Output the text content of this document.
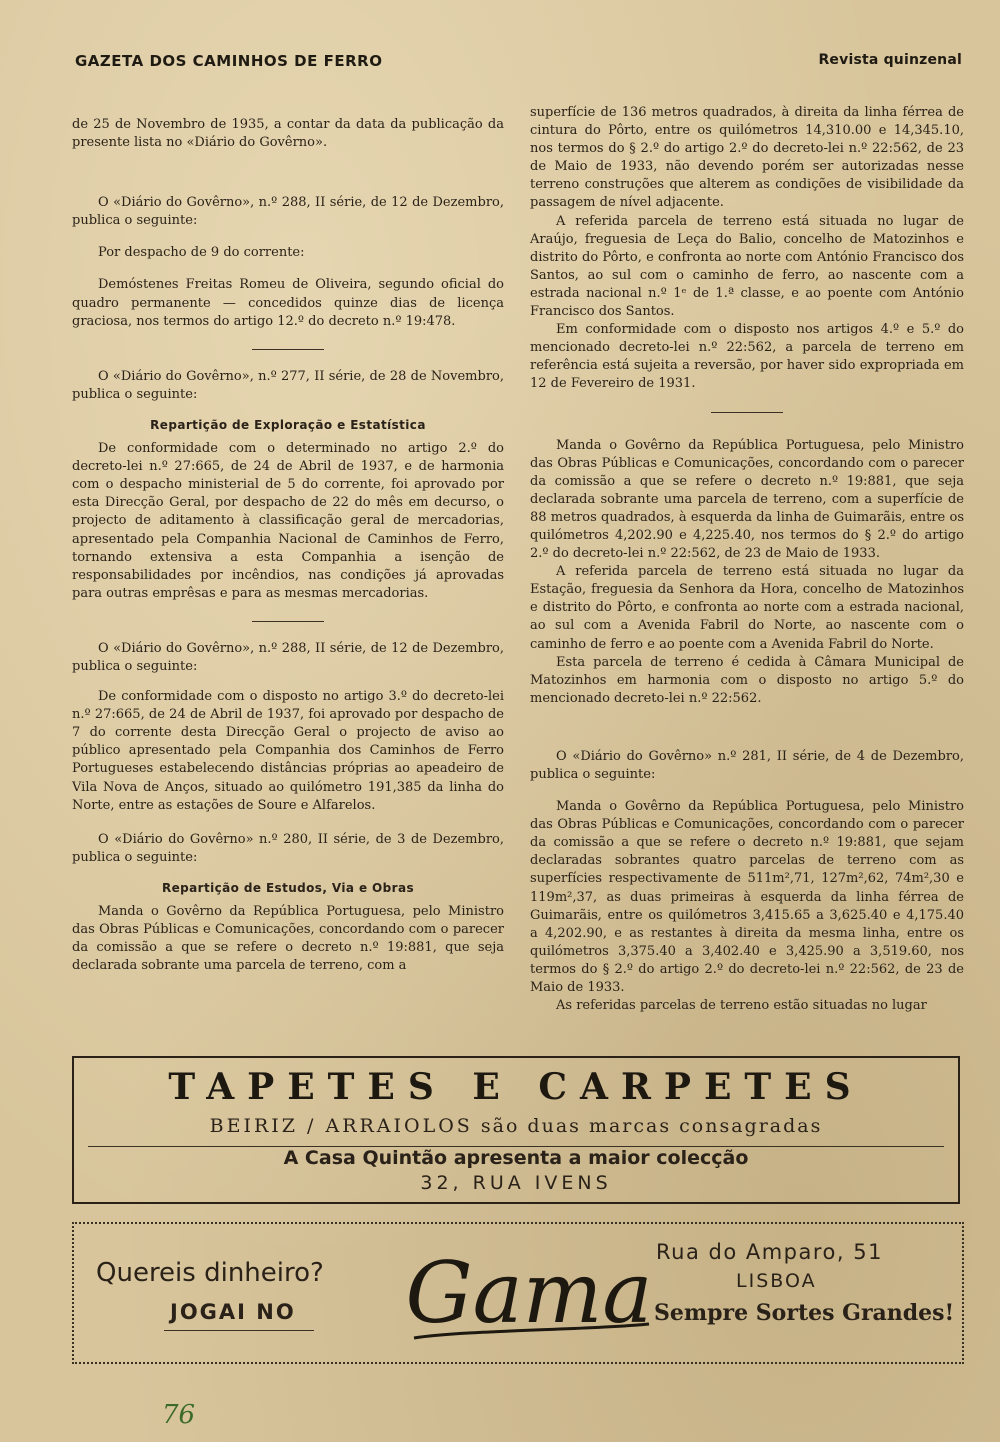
GAZETA DOS CAMINHOS DE FERRO	Revista quinzenal

de 25 de Novembro de 1935, a contar da data da publicação da presente lista no «Diário do Govêrno».

O «Diário do Govêrno», n.º 288, II série, de 12 de Dezembro, publica o seguinte:

Por despacho de 9 do corrente:

Demóstenes Freitas Romeu de Oliveira, segundo oficial do quadro permanente — concedidos quinze dias de licença graciosa, nos termos do artigo 12.º do decreto n.º 19:478.

O «Diário do Govêrno», n.º 277, II série, de 28 de Novembro, publica o seguinte:

Repartição de Exploração e Estatística

De conformidade com o determinado no artigo 2.º do decreto-lei n.º 27:665, de 24 de Abril de 1937, e de harmonia com o despacho ministerial de 5 do corrente, foi aprovado por esta Direcção Geral, por despacho de 22 do mês em decurso, o projecto de aditamento à classificação geral de mercadorias, apresentado pela Companhia Nacional de Caminhos de Ferro, tornando extensiva a esta Companhia a isenção de responsabilidades por incêndios, nas condições já aprovadas para outras emprêsas e para as mesmas mercadorias.

O «Diário do Govêrno», n.º 288, II série, de 12 de Dezembro, publica o seguinte:

De conformidade com o disposto no artigo 3.º do decreto-lei n.º 27:665, de 24 de Abril de 1937, foi aprovado por despacho de 7 do corrente desta Direcção Geral o projecto de aviso ao público apresentado pela Companhia dos Caminhos de Ferro Portugueses estabelecendo distâncias próprias ao apeadeiro de Vila Nova de Anços, situado ao quilómetro 191,385 da linha do Norte, entre as estações de Soure e Alfarelos.

O «Diário do Govêrno» n.º 280, II série, de 3 de Dezembro, publica o seguinte:

Repartição de Estudos, Via e Obras

Manda o Govêrno da República Portuguesa, pelo Ministro das Obras Públicas e Comunicações, concordando com o parecer da comissão a que se refere o decreto n.º 19:881, que seja declarada sobrante uma parcela de terreno, com a

superfície de 136 metros quadrados, à direita da linha férrea de cintura do Pôrto, entre os quilómetros 14,310.00 e 14,345.10, nos termos do § 2.º do artigo 2.º do decreto-lei n.º 22:562, de 23 de Maio de 1933, não devendo porém ser autorizadas nesse terreno construções que alterem as condições de visibilidade da passagem de nível adjacente.

A referida parcela de terreno está situada no lugar de Araújo, freguesia de Leça do Balio, concelho de Matozinhos e distrito do Pôrto, e confronta ao norte com António Francisco dos Santos, ao sul com o caminho de ferro, ao nascente com a estrada nacional n.º 1ᵉ de 1.ª classe, e ao poente com António Francisco dos Santos.

Em conformidade com o disposto nos artigos 4.º e 5.º do mencionado decreto-lei n.º 22:562, a parcela de terreno em referência está sujeita a reversão, por haver sido expropriada em 12 de Fevereiro de 1931.

Manda o Govêrno da República Portuguesa, pelo Ministro das Obras Públicas e Comunicações, concordando com o parecer da comissão a que se refere o decreto n.º 19:881, que seja declarada sobrante uma parcela de terreno, com a superfície de 88 metros quadrados, à esquerda da linha de Guimarãis, entre os quilómetros 4,202.90 e 4,225.40, nos termos do § 2.º do artigo 2.º do decreto-lei n.º 22:562, de 23 de Maio de 1933.

A referida parcela de terreno está situada no lugar da Estação, freguesia da Senhora da Hora, concelho de Matozinhos e distrito do Pôrto, e confronta ao norte com a estrada nacional, ao sul com a Avenida Fabril do Norte, ao nascente com o caminho de ferro e ao poente com a Avenida Fabril do Norte.

Esta parcela de terreno é cedida à Câmara Municipal de Matozinhos em harmonia com o disposto no artigo 5.º do mencionado decreto-lei n.º 22:562.

O «Diário do Govêrno» n.º 281, II série, de 4 de Dezembro, publica o seguinte:

Manda o Govêrno da República Portuguesa, pelo Ministro das Obras Públicas e Comunicações, concordando com o parecer da comissão a que se refere o decreto n.º 19:881, que sejam declaradas sobrantes quatro parcelas de terreno com as superfícies respectivamente de 511m²,71, 127m²,62, 74m²,30 e 119m²,37, as duas primeiras à esquerda da linha férrea de Guimarãis, entre os quilómetros 3,415.65 a 3,625.40 e 4,175.40 a 4,202.90, e as restantes à direita da mesma linha, entre os quilómetros 3,375.40 a 3,402.40 e 3,425.90 a 3,519.60, nos termos do § 2.º do artigo 2.º do decreto-lei n.º 22:562, de 23 de Maio de 1933.

As referidas parcelas de terreno estão situadas no lugar

TAPETES E CARPETES
BEIRIZ / ARRAIOLOS são duas marcas consagradas
A Casa Quintão apresenta a maior colecção
32, RUA IVENS
Quereis dinheiro?
JOGAI NO Gama Rua do Amparo, 51
LISBOA
Sempre Sortes Grandes!
76
